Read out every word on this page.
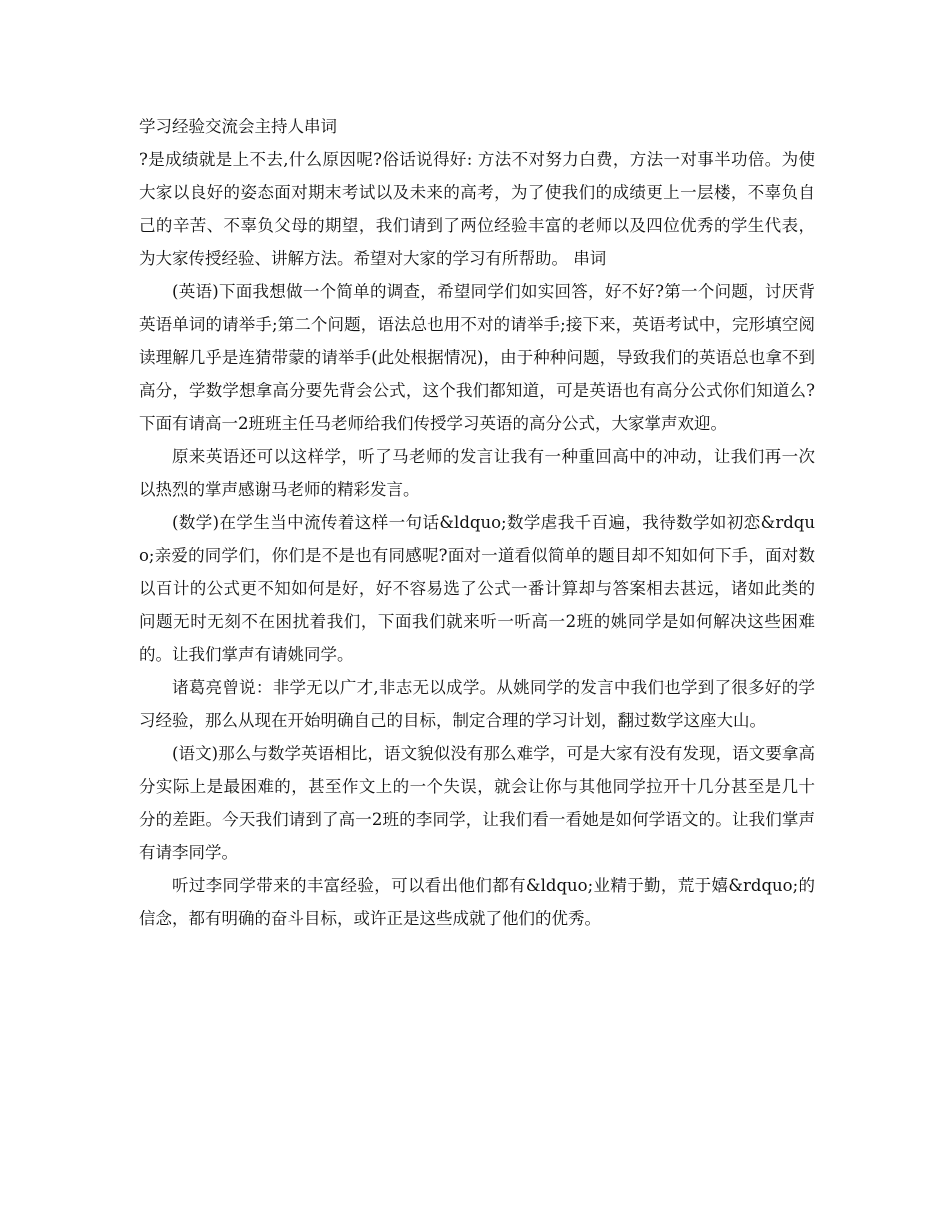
学习经验交流会主持人串词

?是成绩就是上不去,什么原因呢?俗话说得好: 方法不对努力白费，方法一对事半功倍。为使大家以良好的姿态面对期末考试以及未来的高考，为了使我们的成绩更上一层楼，不辜负自己的辛苦、不辜负父母的期望，我们请到了两位经验丰富的老师以及四位优秀的学生代表，为大家传授经验、讲解方法。希望对大家的学习有所帮助。 串词

(英语)下面我想做一个简单的调查，希望同学们如实回答，好不好?第一个问题，讨厌背英语单词的请举手;第二个问题，语法总也用不对的请举手;接下来，英语考试中，完形填空阅读理解几乎是连猜带蒙的请举手(此处根据情况)，由于种种问题，导致我们的英语总也拿不到高分，学数学想拿高分要先背会公式，这个我们都知道，可是英语也有高分公式你们知道么?下面有请高一2班班主任马老师给我们传授学习英语的高分公式，大家掌声欢迎。

原来英语还可以这样学，听了马老师的发言让我有一种重回高中的冲动，让我们再一次以热烈的掌声感谢马老师的精彩发言。

(数学)在学生当中流传着这样一句话&ldquo;数学虐我千百遍，我待数学如初恋&rdquo;亲爱的同学们，你们是不是也有同感呢?面对一道看似简单的题目却不知如何下手，面对数以百计的公式更不知如何是好，好不容易选了公式一番计算却与答案相去甚远，诸如此类的问题无时无刻不在困扰着我们，下面我们就来听一听高一2班的姚同学是如何解决这些困难的。让我们掌声有请姚同学。

诸葛亮曾说：非学无以广才,非志无以成学。从姚同学的发言中我们也学到了很多好的学习经验，那么从现在开始明确自己的目标，制定合理的学习计划，翻过数学这座大山。

(语文)那么与数学英语相比，语文貌似没有那么难学，可是大家有没有发现，语文要拿高分实际上是最困难的，甚至作文上的一个失误，就会让你与其他同学拉开十几分甚至是几十分的差距。今天我们请到了高一2班的李同学，让我们看一看她是如何学语文的。让我们掌声有请李同学。

听过李同学带来的丰富经验，可以看出他们都有&ldquo;业精于勤，荒于嬉&rdquo;的信念，都有明确的奋斗目标，或许正是这些成就了他们的优秀。
